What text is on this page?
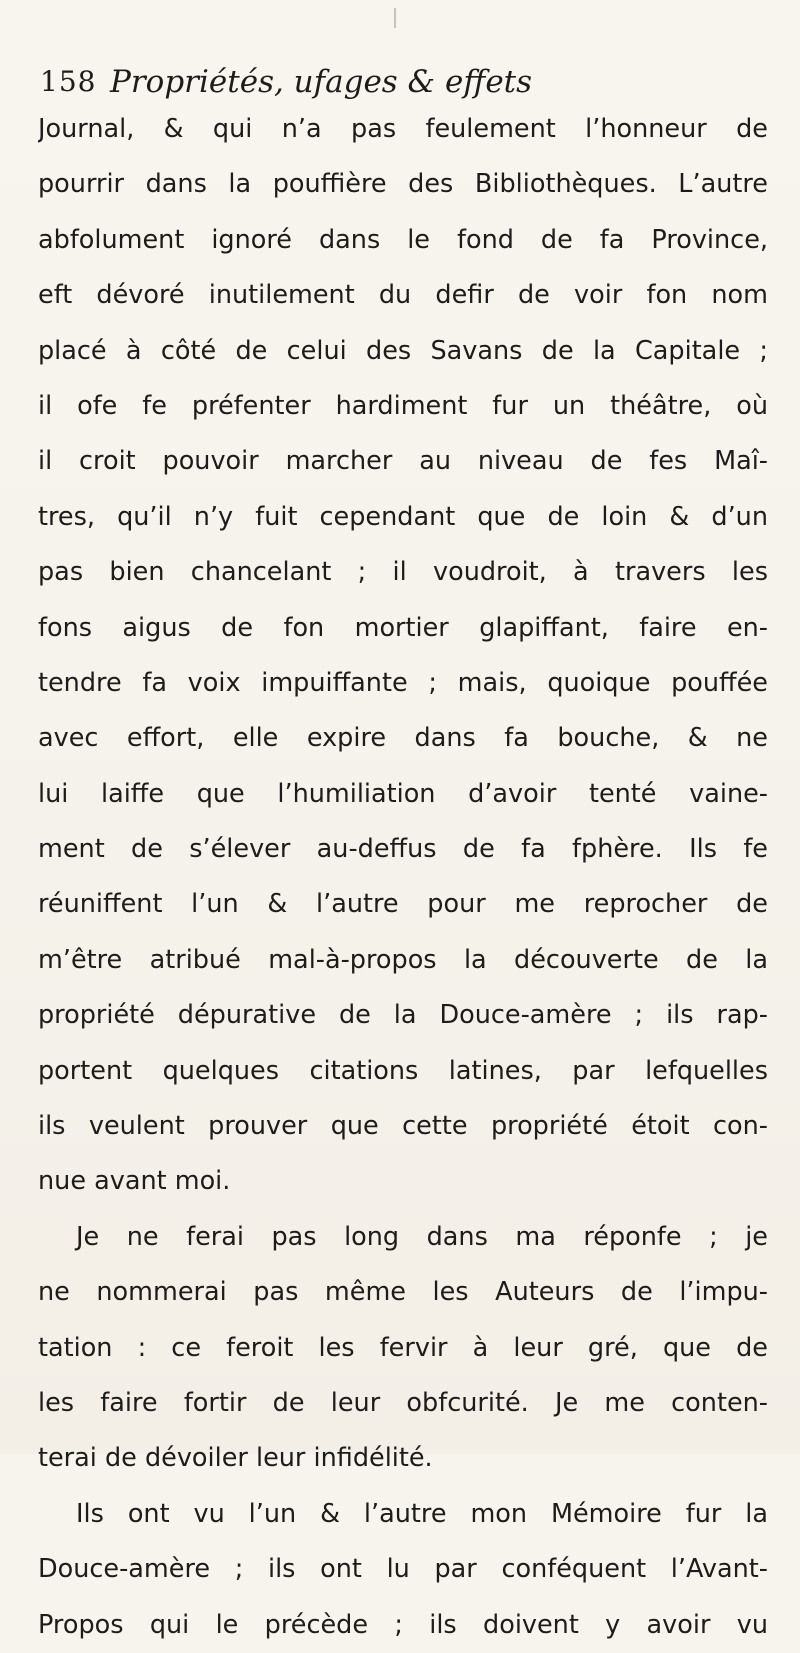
158 Propriétés, ufages & effets
Journal, & qui n’a pas feulement l’honneur de
pourrir dans la pouffière des Bibliothèques. L’autre
abfolument ignoré dans le fond de fa Province,
eft dévoré inutilement du defir de voir fon nom
placé à côté de celui des Savans de la Capitale ;
il ofe fe préfenter hardiment fur un théâtre, où
il croit pouvoir marcher au niveau de fes Maî-
tres, qu’il n’y fuit cependant que de loin & d’un
pas bien chancelant ; il voudroit, à travers les
fons aigus de fon mortier glapiffant, faire en-
tendre fa voix impuiffante ; mais, quoique pouffée
avec effort, elle expire dans fa bouche, & ne
lui laiffe que l’humiliation d’avoir tenté vaine-
ment de s’élever au-deffus de fa fphère. Ils fe
réuniffent l’un & l’autre pour me reprocher de
m’être atribué mal-à-propos la découverte de la
propriété dépurative de la Douce-amère ; ils rap-
portent quelques citations latines, par lefquelles
ils veulent prouver que cette propriété étoit con-
nue avant moi.
Je ne ferai pas long dans ma réponfe ; je
ne nommerai pas même les Auteurs de l’impu-
tation : ce feroit les fervir à leur gré, que de
les faire fortir de leur obfcurité. Je me conten-
terai de dévoiler leur infidélité.
Ils ont vu l’un & l’autre mon Mémoire fur la
Douce-amère ; ils ont lu par conféquent l’Avant-
Propos qui le précède ; ils doivent y avoir vu
